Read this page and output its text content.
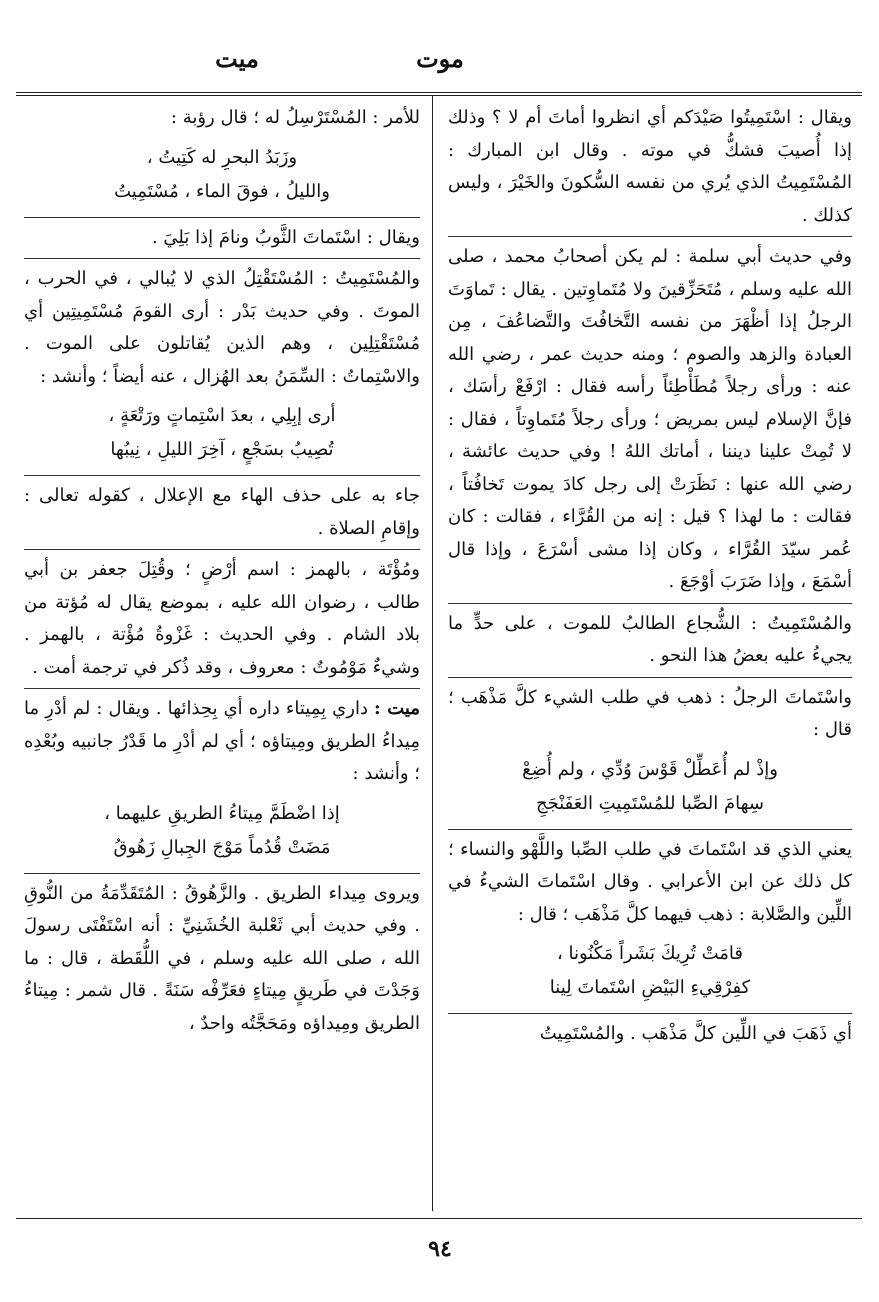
موت
ميت
ويقال : اسْتَمِيتُوا صَيْدَكم أي انظروا أماتَ أم لا ؟ وذلك إذا أُصيبَ فشكُّ في موته . وقال ابن المبارك : المُسْتَمِيتُ الذي يُري من نفسه السُّكونَ والخَيْرَ ، وليس كذلك .
وفي حديث أبي سلمة : لم يكن أصحابُ محمد ، صلى الله عليه وسلم ، مُتَحَزِّقينَ ولا مُتَماوِتين . يقال : تَماوَتَ الرجلُ إذا أظْهَرَ من نفسه التَّخافُتَ والتَّضاعُفَ ، مِن العبادة والزهد والصوم ؛ ومنه حديث عمر ، رضي الله عنه : ورأى رجلاً مُطَأْطِئاً رأسه فقال : ارْفَعْ رأسَك ، فإنَّ الإسلام ليس بمريض ؛ ورأى رجلاً مُتَماوِتاً ، فقال : لا تُمِتْ علينا ديننا ، أماتك اللهُ ! وفي حديث عائشة ، رضي الله عنها : نَظَرَتْ إلى رجل كادَ يموت تَخافُتاً ، فقالت : ما لهذا ؟ قيل : إنه من القُرَّاء ، فقالت : كان عُمر سيّدَ القُرَّاء ، وكان إذا مشى أسْرَعَ ، وإذا قال أسْمَعَ ، وإذا ضَرَبَ أوْجَعَ .
والمُسْتَمِيتُ : الشُّجاع الطالبُ للموت ، على حدٍّ ما يجيءُ عليه بعضُ هذا النحو .
واسْتَماتَ الرجلُ : ذهب في طلب الشيء كلَّ مَذْهَب ؛ قال :
وإذْ لم أُعَطِّلْ قَوْسَ وُدِّي ، ولم أُضِعْ
سِهامَ الصِّبا للمُسْتَمِيتِ العَفَنْجَجِ
يعني الذي قد اسْتَماتَ في طلب الصِّبا واللَّهْو والنساء ؛ كل ذلك عن ابن الأعرابي . وقال اسْتَماتَ الشيءُ في اللِّين والصَّلابة : ذهب فيهما كلَّ مَذْهَب ؛ قال :
قامَتْ تُرِيكَ بَشَراً مَكْنُونا ،
كفِرْقِيءِ البَيْضِ اسْتَماتَ لِينا
أي ذَهَبَ في اللِّين كلَّ مَذْهَب . والمُسْتَمِيتُ
للأمر : المُسْتَرْسِلُ له ؛ قال رؤبة :
وزَبَدُ البحرِ له كَتِيتُ ،
والليلُ ، فوقَ الماء ، مُسْتَمِيتُ
ويقال : اسْتَماتَ الثَّوبُ ونامَ إذا بَلِيَ .
والمُسْتَمِيتُ : المُسْتَقْتِلُ الذي لا يُبالي ، في الحرب ، الموتَ . وفي حديث بَدْر : أرى القومَ مُسْتَمِيتِين أي مُسْتَقْتِلِين ، وهم الذين يُقاتلون على الموت . والاسْتِماتُ : السِّمَنُ بعد الهُزال ، عنه أيضاً ؛ وأنشد :
أرى إبِلِي ، بعدَ اسْتِماتٍ ورَتْعَةٍ ،
تُصِيبُ بسَجْعٍ ، آخِرَ الليلِ ، نِيبُها
جاء به على حذف الهاء مع الإعلال ، كقوله تعالى : وإقامِ الصلاة .
ومُؤْتَة ، بالهمز : اسم أرْضٍ ؛ وقُتِلَ جعفر بن أبي طالب ، رضوان الله عليه ، بموضع يقال له مُؤتة من بلاد الشام . وفي الحديث : غَزْوةُ مُؤْتة ، بالهمز . وشيءٌ مَوْمُوتٌ : معروف ، وقد ذُكر في ترجمة أمت .
ميت : داري بِمِيتاء داره أي بِحِذائها . ويقال : لم أدْرِ ما مِيداءُ الطريق ومِيتاؤه ؛ أي لم أدْرِ ما قَدْرُ جانبيه وبُعْدِه ؛ وأنشد :
إذا اضْطَمَّ مِيتاءُ الطريقِ عليهما ،
مَضَتْ قُدُماً مَوْجَ الجِبالِ زَهُوقُ
ويروى مِيداء الطريق . والزَّهُوقُ : المُتَقَدِّمَةُ من النُّوقِ . وفي حديث أبي ثَعْلبة الخُشَنِيِّ : أنه اسْتَفْتَى رسولَ الله ، صلى الله عليه وسلم ، في اللُّقَطة ، قال : ما وَجَدْتَ في طَريقٍ مِيتاءٍ فعَرِّفْه سَنَةً . قال شمر : مِيتاءُ الطريق ومِيداؤه ومَحَجَّتُه واحدٌ ،
٩٤
